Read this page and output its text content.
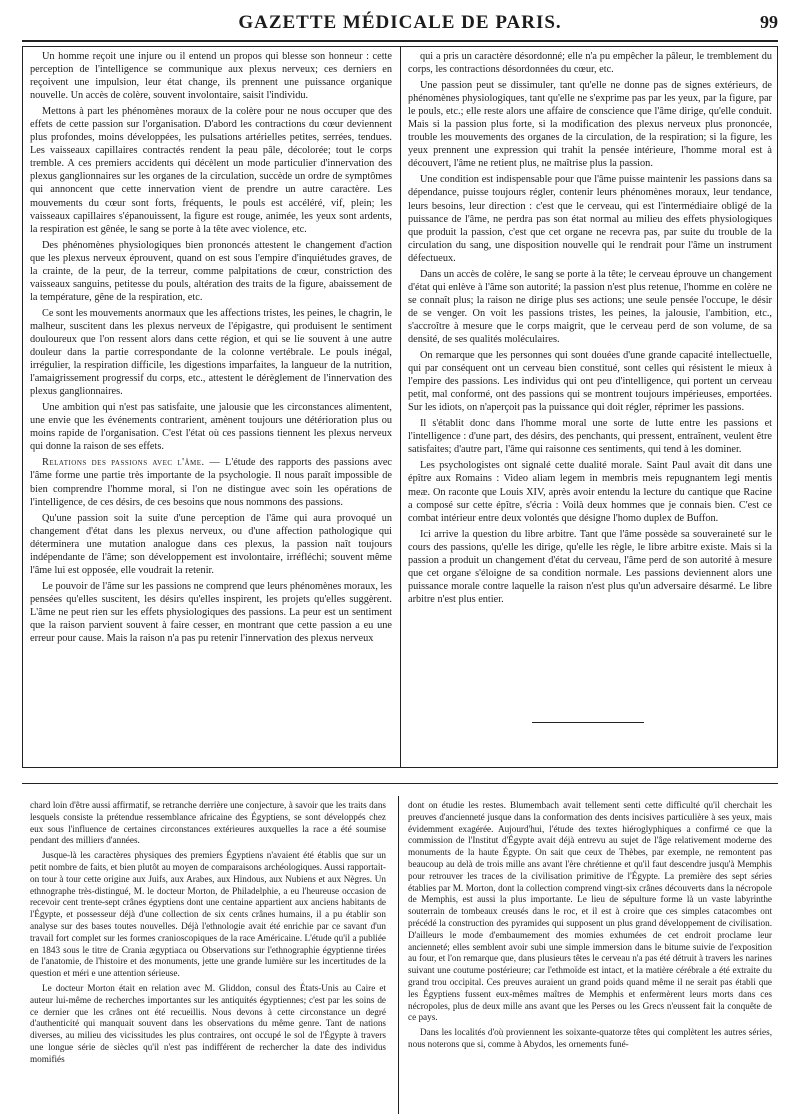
GAZETTE MÉDICALE DE PARIS.	99

Un homme reçoit une injure ou il entend un propos qui blesse son honneur : cette perception de l'intelligence se communique aux plexus nerveux; ces derniers en reçoivent une impulsion, leur état change, ils prennent une puissance organique nouvelle. Un accès de colère, souvent involontaire, saisit l'individu.

Mettons à part les phénomènes moraux de la colère pour ne nous occuper que des effets de cette passion sur l'organisation. D'abord les contractions du cœur deviennent plus profondes, moins développées, les pulsations artérielles petites, serrées, tendues. Les vaisseaux capillaires contractés rendent la peau pâle, décolorée; tout le corps tremble. A ces premiers accidents qui décèlent un mode particulier d'innervation des plexus ganglionnaires sur les organes de la circulation, succède un ordre de symptômes qui annoncent que cette innervation vient de prendre un autre caractère. Les mouvements du cœur sont forts, fréquents, le pouls est accéléré, vif, plein; les vaisseaux capillaires s'épanouissent, la figure est rouge, animée, les yeux sont ardents, la respiration est gênée, le sang se porte à la tête avec violence, etc.

Des phénomènes physiologiques bien prononcés attestent le changement d'action que les plexus nerveux éprouvent, quand on est sous l'empire d'inquiétudes graves, de la crainte, de la peur, de la terreur, comme palpitations de cœur, constriction des vaisseaux sanguins, petitesse du pouls, altération des traits de la figure, abaissement de la température, gêne de la respiration, etc.

Ce sont les mouvements anormaux que les affections tristes, les peines, le chagrin, le malheur, suscitent dans les plexus nerveux de l'épigastre, qui produisent le sentiment douloureux que l'on ressent alors dans cette région, et qui se lie souvent à une autre douleur dans la partie correspondante de la colonne vertébrale. Le pouls inégal, irrégulier, la respiration difficile, les digestions imparfaites, la langueur de la nutrition, l'amaigrissement progressif du corps, etc., attestent le dérèglement de l'innervation des plexus ganglionnaires.

Une ambition qui n'est pas satisfaite, une jalousie que les circonstances alimentent, une envie que les événements contrarient, amènent toujours une détérioration plus ou moins rapide de l'organisation. C'est l'état où ces passions tiennent les plexus nerveux qui donne la raison de ses effets.

Relations des passions avec l'âme. — L'étude des rapports des passions avec l'âme forme une partie très importante de la psychologie. Il nous paraît impossible de bien comprendre l'homme moral, si l'on ne distingue avec soin les opérations de l'intelligence, de ces désirs, de ces besoins que nous nommons des passions.

Qu'une passion soit la suite d'une perception de l'âme qui aura provoqué un changement d'état dans les plexus nerveux, ou d'une affection pathologique qui déterminera une mutation analogue dans ces plexus, la passion naît toujours indépendante de l'âme; son développement est involontaire, irréfléchi; souvent même l'âme lui est opposée, elle voudrait la retenir.

Le pouvoir de l'âme sur les passions ne comprend que leurs phénomènes moraux, les pensées qu'elles suscitent, les désirs qu'elles inspirent, les projets qu'elles suggèrent. L'âme ne peut rien sur les effets physiologiques des passions. La peur est un sentiment que la raison parvient souvent à faire cesser, en montrant que cette passion a eu une erreur pour cause. Mais la raison n'a pas pu retenir l'innervation des plexus nerveux

qui a pris un caractère désordonné; elle n'a pu empêcher la pâleur, le tremblement du corps, les contractions désordonnées du cœur, etc.

Une passion peut se dissimuler, tant qu'elle ne donne pas de signes extérieurs, de phénomènes physiologiques, tant qu'elle ne s'exprime pas par les yeux, par la figure, par le pouls, etc.; elle reste alors une affaire de conscience que l'âme dirige, qu'elle conduit. Mais si la passion plus forte, si la modification des plexus nerveux plus prononcée, trouble les mouvements des organes de la circulation, de la respiration; si la figure, les yeux prennent une expression qui trahit la pensée intérieure, l'homme moral est à découvert, l'âme ne retient plus, ne maîtrise plus la passion.

Une condition est indispensable pour que l'âme puisse maintenir les passions dans sa dépendance, puisse toujours régler, contenir leurs phénomènes moraux, leur tendance, leurs besoins, leur direction : c'est que le cerveau, qui est l'intermédiaire obligé de la puissance de l'âme, ne perdra pas son état normal au milieu des effets physiologiques que produit la passion, c'est que cet organe ne recevra pas, par suite du trouble de la circulation du sang, une disposition nouvelle qui le rendrait pour l'âme un instrument défectueux.

Dans un accès de colère, le sang se porte à la tête; le cerveau éprouve un changement d'état qui enlève à l'âme son autorité; la passion n'est plus retenue, l'homme en colère ne se connaît plus; la raison ne dirige plus ses actions; une seule pensée l'occupe, le désir de se venger. On voit les passions tristes, les peines, la jalousie, l'ambition, etc., s'accroître à mesure que le corps maigrit, que le cerveau perd de son volume, de sa densité, de ses qualités moléculaires.

On remarque que les personnes qui sont douées d'une grande capacité intellectuelle, qui par conséquent ont un cerveau bien constitué, sont celles qui résistent le mieux à l'empire des passions. Les individus qui ont peu d'intelligence, qui portent un cerveau petit, mal conformé, ont des passions qui se montrent toujours impérieuses, emportées. Sur les idiots, on n'aperçoit pas la puissance qui doit régler, réprimer les passions.

Il s'établit donc dans l'homme moral une sorte de lutte entre les passions et l'intelligence : d'une part, des désirs, des penchants, qui pressent, entraînent, veulent être satisfaites; d'autre part, l'âme qui raisonne ces sentiments, qui tend à les dominer.

Les psychologistes ont signalé cette dualité morale. Saint Paul avait dit dans une épître aux Romains : Video aliam legem in membris meis repugnantem legi mentis meæ. On raconte que Louis XIV, après avoir entendu la lecture du cantique que Racine a composé sur cette épître, s'écria : Voilà deux hommes que je connais bien. C'est ce combat intérieur entre deux volontés que désigne l'homo duplex de Buffon.

Ici arrive la question du libre arbitre. Tant que l'âme possède sa souveraineté sur le cours des passions, qu'elle les dirige, qu'elle les règle, le libre arbitre existe. Mais si la passion a produit un changement d'état du cerveau, l'âme perd de son autorité à mesure que cet organe s'éloigne de sa condition normale. Les passions deviennent alors une puissance morale contre laquelle la raison n'est plus qu'un adversaire désarmé. Le libre arbitre n'est plus entier.

chard loin d'être aussi affirmatif, se retranche derrière une conjecture, à savoir que les traits dans lesquels consiste la prétendue ressemblance africaine des Égyptiens, se sont développés chez eux sous l'influence de certaines circonstances extérieures auxquelles la race a été soumise pendant des milliers d'années.

Jusque-là les caractères physiques des premiers Égyptiens n'avaient été établis que sur un petit nombre de faits, et bien plutôt au moyen de comparaisons archéologiques. Aussi rapportait-on tour à tour cette origine aux Juifs, aux Arabes, aux Hindous, aux Nubiens et aux Nègres. Un ethnographe très-distingué, M. le docteur Morton, de Philadelphie, a eu l'heureuse occasion de recevoir cent trente-sept crânes égyptiens dont une centaine appartient aux anciens habitants de l'Égypte, et possesseur déjà d'une collection de six cents crânes humains, il a pu établir son analyse sur des bases toutes nouvelles. Déjà l'ethnologie avait été enrichie par ce savant d'un travail fort complet sur les formes cranioscopiques de la race Américaine. L'étude qu'il a publiée en 1843 sous le titre de Crania ægyptiaca ou Observations sur l'ethnographie égyptienne tirées de l'anatomie, de l'histoire et des monuments, jette une grande lumière sur les incertitudes de la question et méri e une attention sérieuse.

Le docteur Morton était en relation avec M. Gliddon, consul des États-Unis au Caire et auteur lui-même de recherches importantes sur les antiquités égyptiennes; c'est par les soins de ce dernier que les crânes ont été recueillis. Nous devons à cette circonstance un degré d'authenticité qui manquait souvent dans les observations du même genre. Tant de nations diverses, au milieu des vicissitudes les plus contraires, ont occupé le sol de l'Égypte à travers une longue série de siècles qu'il n'est pas indifférent de rechercher la date des individus momifiés

dont on étudie les restes. Blumembach avait tellement senti cette difficulté qu'il cherchait les preuves d'ancienneté jusque dans la conformation des dents incisives particulière à ses yeux, mais évidemment exagérée. Aujourd'hui, l'étude des textes hiéroglyphiques a confirmé ce que la commission de l'Institut d'Égypte avait déjà entrevu au sujet de l'âge relativement moderne des monuments de la haute Égypte. On sait que ceux de Thèbes, par exemple, ne remontent pas beaucoup au delà de trois mille ans avant l'ère chrétienne et qu'il faut descendre jusqu'à Memphis pour retrouver les traces de la civilisation primitive de l'Égypte. La première des sept séries établies par M. Morton, dont la collection comprend vingt-six crânes découverts dans la nécropole de Memphis, est aussi la plus importante. Le lieu de sépulture forme là un vaste labyrinthe souterrain de tombeaux creusés dans le roc, et il est à croire que ces simples catacombes ont précédé la construction des pyramides qui supposent un plus grand développement de civilisation. D'ailleurs le mode d'embaumement des momies exhumées de cet endroit proclame leur ancienneté; elles semblent avoir subi une simple immersion dans le bitume suivie de l'exposition au four, et l'on remarque que, dans plusieurs têtes le cerveau n'a pas été détruit à travers les narines suivant une coutume postérieure; car l'ethmoïde est intact, et la matière cérébrale a été extraite du grand trou occipital. Ces preuves auraient un grand poids quand même il ne serait pas établi que les Égyptiens fussent eux-mêmes maîtres de Memphis et enfermèrent leurs morts dans ces nécropoles, plus de deux mille ans avant que les Perses ou les Grecs n'eussent fait la conquête de ce pays.

Dans les localités d'où proviennent les soixante-quatorze têtes qui complètent les autres séries, nous noterons que si, comme à Abydos, les ornements funé-
